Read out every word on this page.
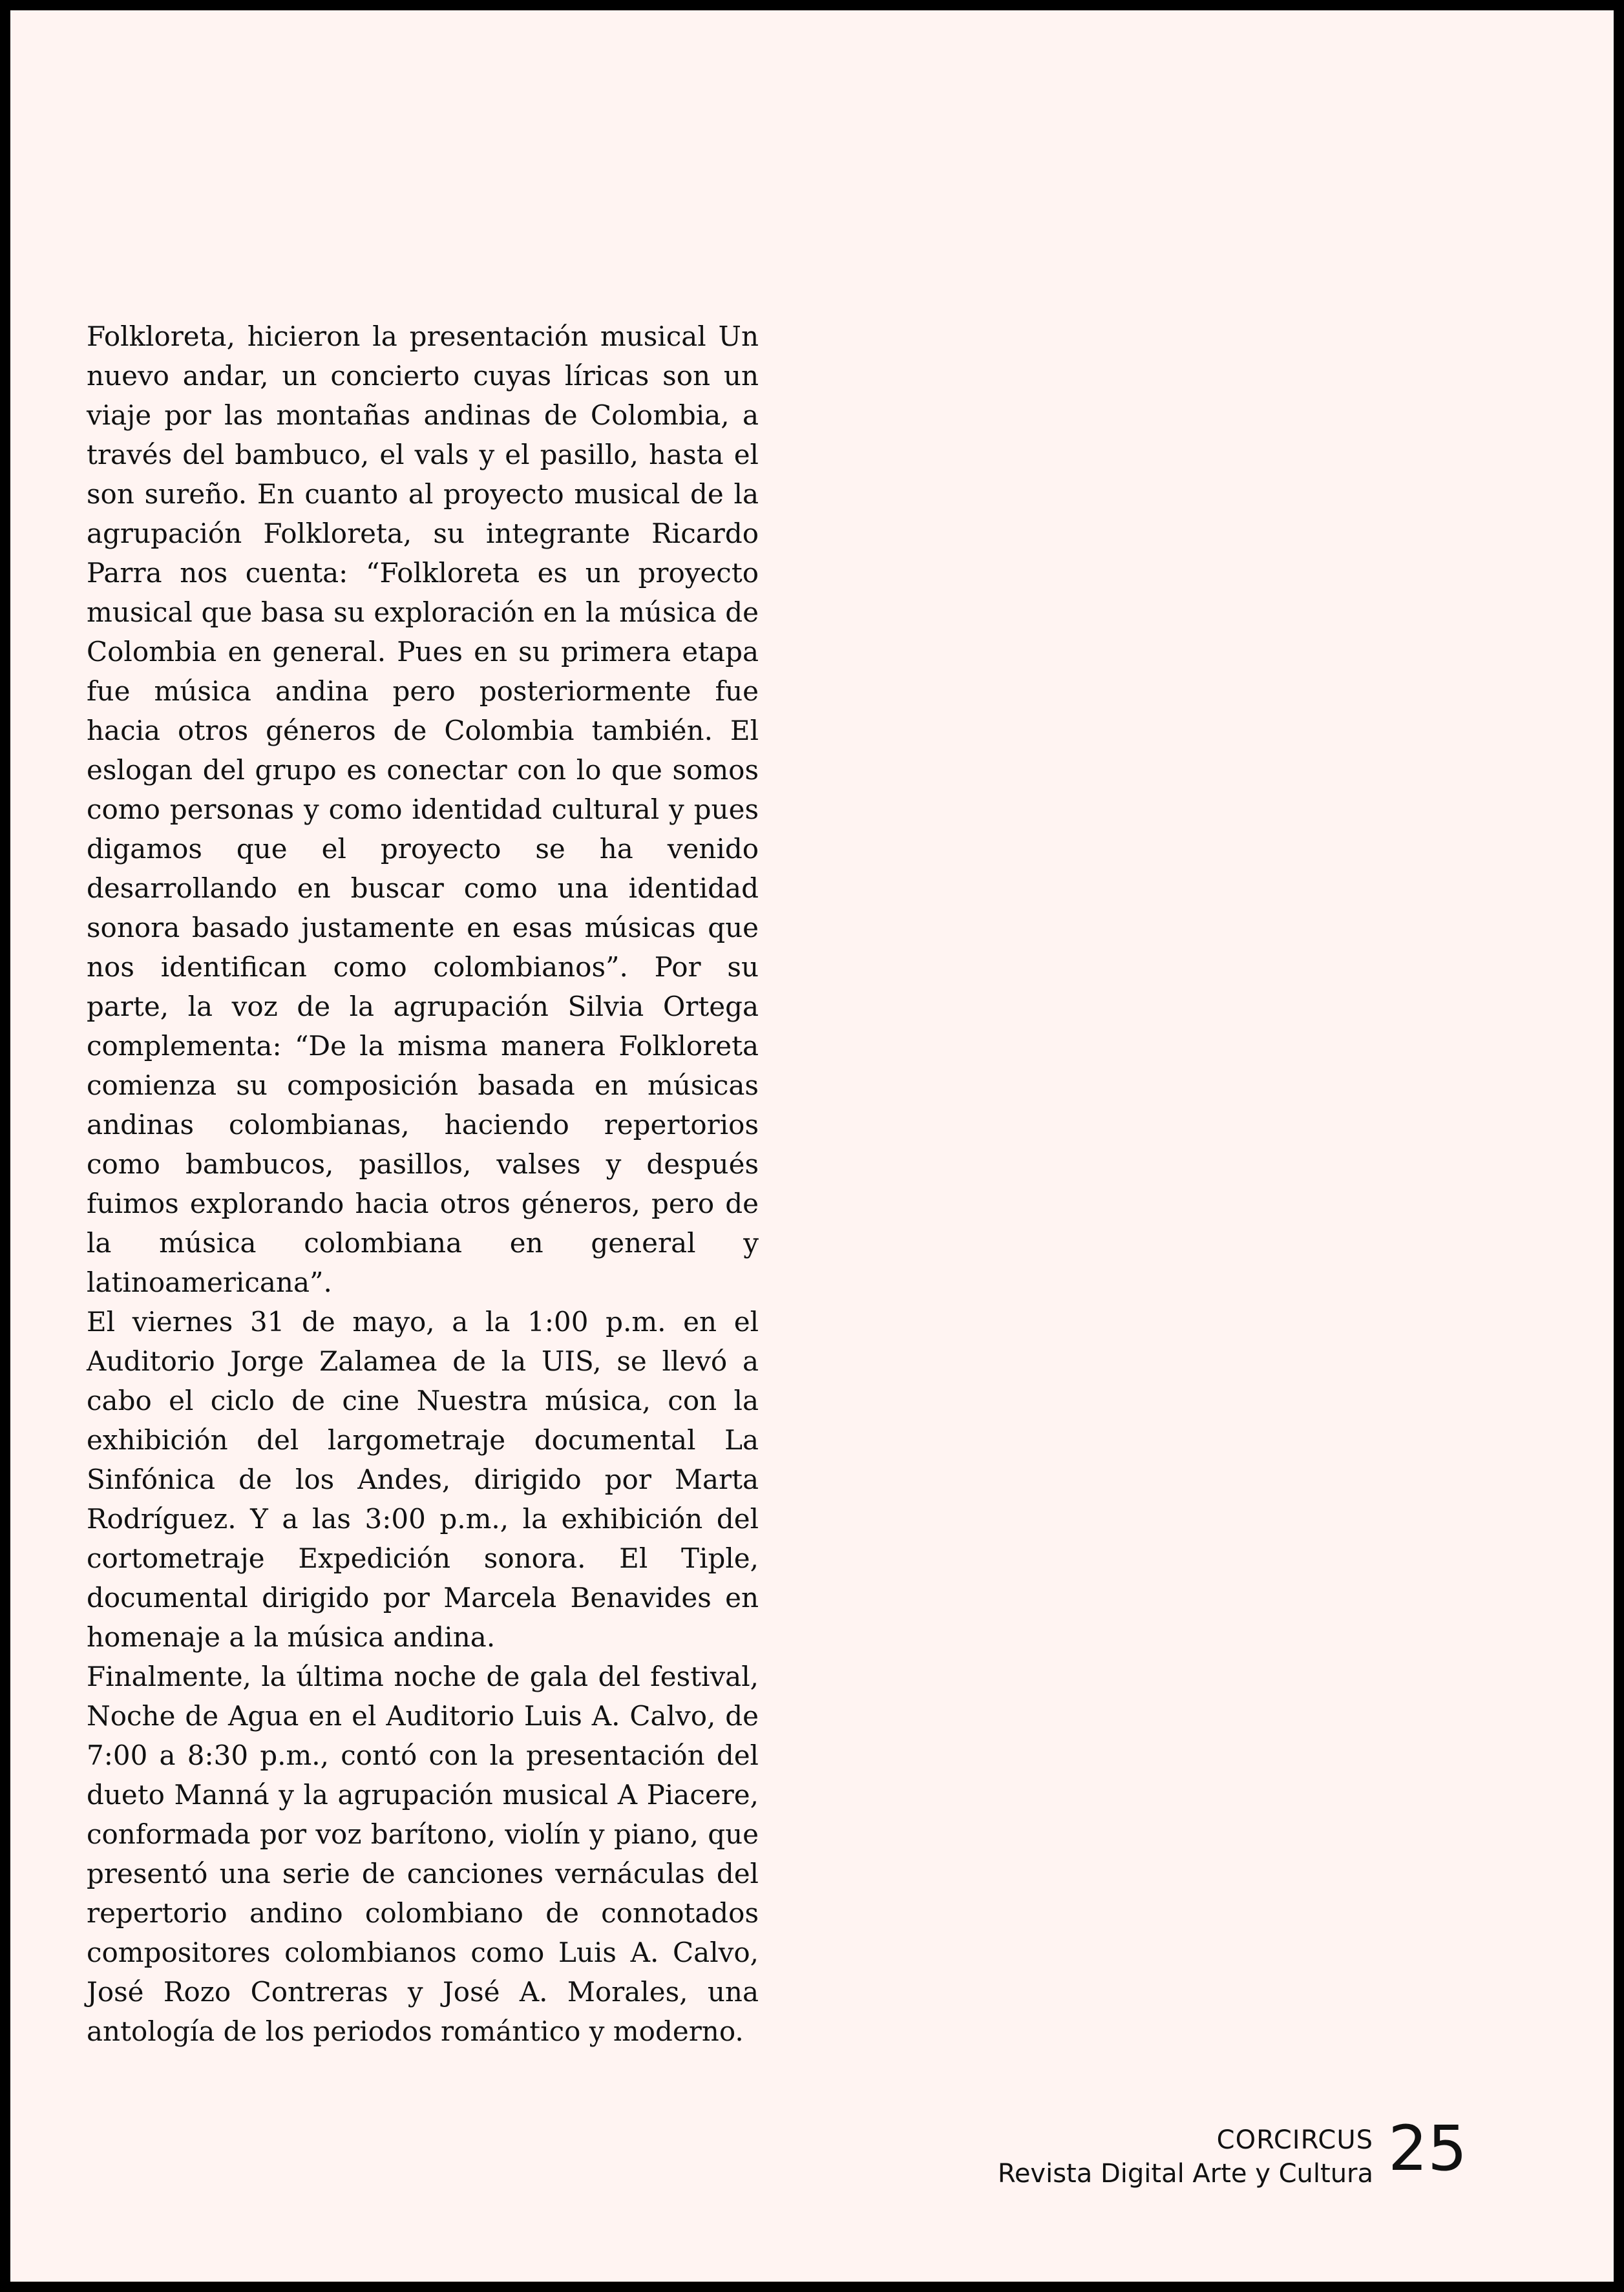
Folkloreta, hicieron la presentación musical Un nuevo andar, un concierto cuyas líricas son un viaje por las montañas andinas de Colombia, a través del bambuco, el vals y el pasillo, hasta el son sureño. En cuanto al proyecto musical de la agrupación Folkloreta, su integrante Ricardo Parra nos cuenta: “Folkloreta es un proyecto musical que basa su exploración en la música de Colombia en general. Pues en su primera etapa fue música andina pero posteriormente fue hacia otros géneros de Colombia también. El eslogan del grupo es conectar con lo que somos como personas y como identidad cultural y pues digamos que el proyecto se ha venido desarrollando en buscar como una identidad sonora basado justamente en esas músicas que nos identifican como colombianos”. Por su parte, la voz de la agrupación Silvia Ortega complementa: “De la misma manera Folkloreta comienza su composición basada en músicas andinas colombianas, haciendo repertorios como bambucos, pasillos, valses y después fuimos explorando hacia otros géneros, pero de la música colombiana en general y latinoamericana”.

El viernes 31 de mayo, a la 1:00 p.m. en el Auditorio Jorge Zalamea de la UIS, se llevó a cabo el ciclo de cine Nuestra música, con la exhibición del largometraje documental La Sinfónica de los Andes, dirigido por Marta Rodríguez. Y a las 3:00 p.m., la exhibición del cortometraje Expedición sonora. El Tiple, documental dirigido por Marcela Benavides en homenaje a la música andina.

Finalmente, la última noche de gala del festival, Noche de Agua en el Auditorio Luis A. Calvo, de 7:00 a 8:30 p.m., contó con la presentación del dueto Manná y la agrupación musical A Piacere, conformada por voz barítono, violín y piano, que presentó una serie de canciones vernáculas del repertorio andino colombiano de connotados compositores colombianos como Luis A. Calvo, José Rozo Contreras y José A. Morales, una antología de los periodos romántico y moderno.

CORCIRCUS
Revista Digital Arte y Cultura 25
